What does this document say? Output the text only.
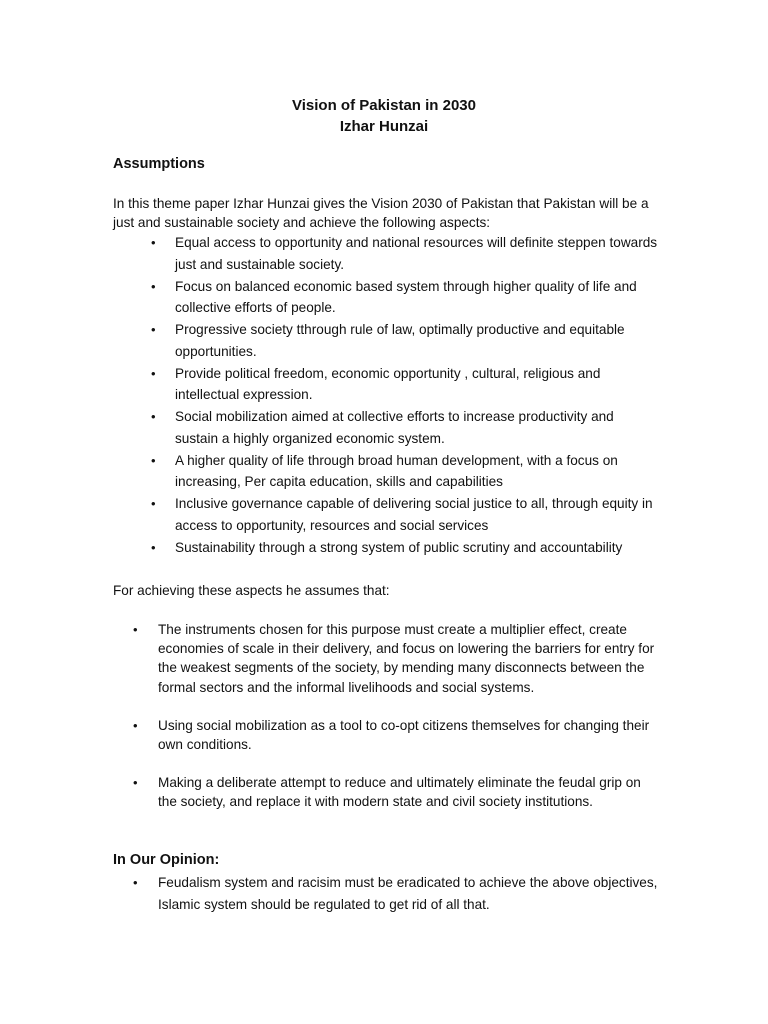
Vision of Pakistan in 2030
Izhar Hunzai
Assumptions
In this theme paper Izhar Hunzai gives the Vision 2030 of Pakistan that Pakistan will be a just and sustainable society and achieve the following aspects:
• Equal access to opportunity and national resources will definite steppen towards just and sustainable society.
• Focus on balanced economic based system through higher quality of life and collective efforts of people.
• Progressive society tthrough rule of law, optimally productive and equitable opportunities.
• Provide political freedom, economic opportunity , cultural, religious and intellectual expression.
• Social mobilization aimed at collective efforts to increase productivity and sustain a highly organized economic system.
• A higher quality of life through broad human development, with a focus on increasing, Per capita education, skills and capabilities
• Inclusive governance capable of delivering social justice to all, through equity in access to opportunity, resources and social services
• Sustainability through a strong system of public scrutiny and accountability
For achieving these aspects he assumes that:
• The instruments chosen for this purpose must create a multiplier effect, create economies of scale in their delivery, and focus on lowering the barriers for entry for the weakest segments of the society, by mending many disconnects between the formal sectors and the informal livelihoods and social systems.
• Using social mobilization as a tool to co-opt citizens themselves for changing their own conditions.
• Making a deliberate attempt to reduce and ultimately eliminate the feudal grip on the society, and replace it with modern state and civil society institutions.
In Our Opinion:
• Feudalism system and racisim must be eradicated to achieve the above objectives, Islamic system should be regulated to get rid of all that.
